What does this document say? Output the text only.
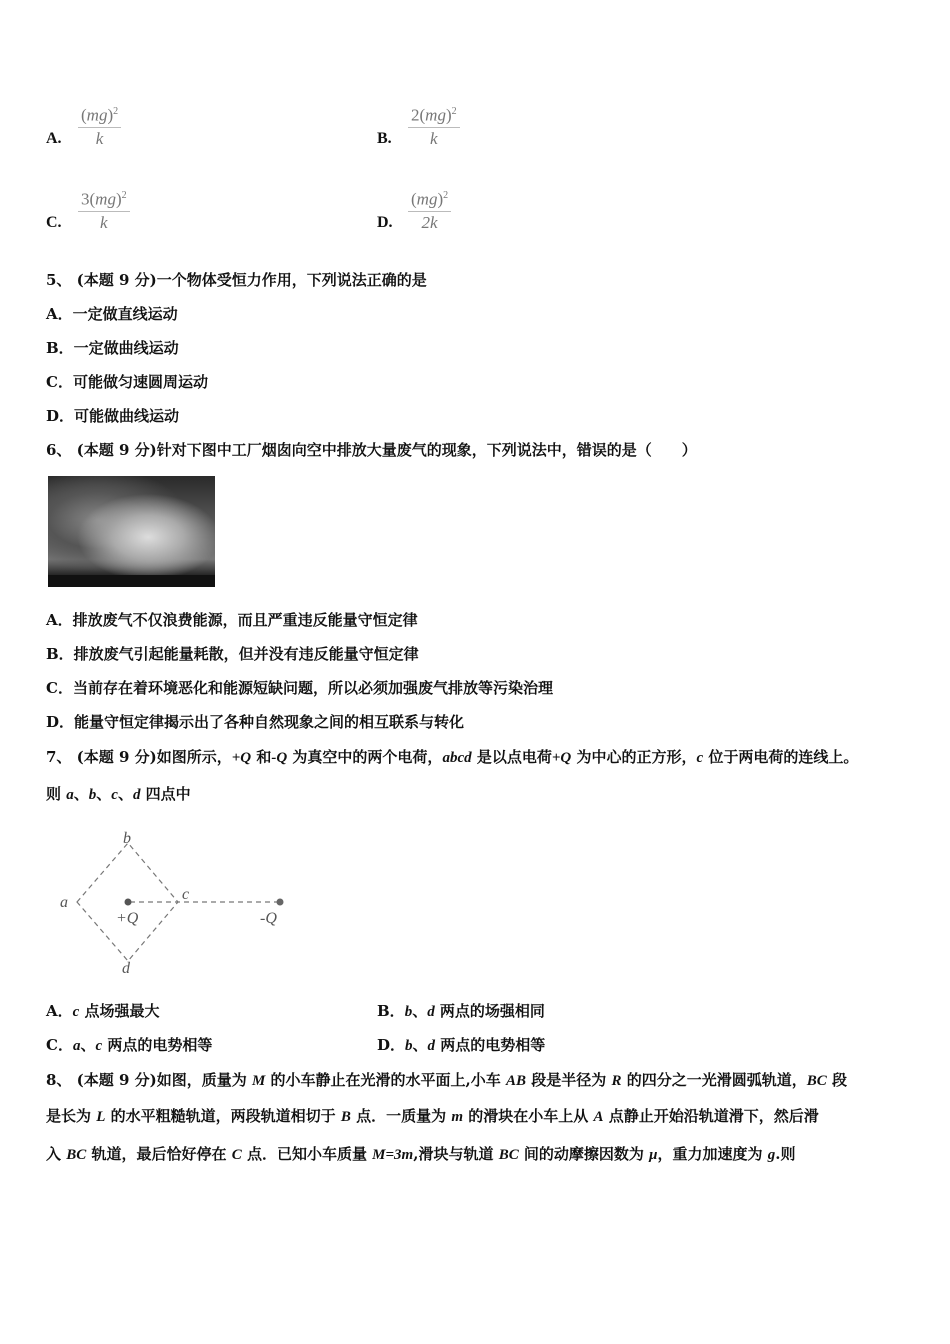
A. $\frac{(mg)^2}{k}$	B. $\frac{2(mg)^2}{k}$
C. $\frac{3(mg)^2}{k}$	D. $\frac{(mg)^2}{2k}$
5、 (本题 9 分)一个物体受恒力作用，下列说法正确的是
A．一定做直线运动
B．一定做曲线运动
C．可能做匀速圆周运动
D．可能做曲线运动
6、 (本题 9 分)针对下图中工厂烟囱向空中排放大量废气的现象，下列说法中，错误的是（　　）
A．排放废气不仅浪费能源，而且严重违反能量守恒定律
B．排放废气引起能量耗散，但并没有违反能量守恒定律
C．当前存在着环境恶化和能源短缺问题，所以必须加强废气排放等污染治理
D．能量守恒定律揭示出了各种自然现象之间的相互联系与转化
7、 (本题 9 分)如图所示，+Q 和-Q 为真空中的两个电荷，abcd 是以点电荷+Q 为中心的正方形，c 位于两电荷的连线上。
则 a、b、c、d 四点中
A．c 点场强最大	B．b、d 两点的场强相同
C．a、c 两点的电势相等	D．b、d 两点的电势相等
8、 (本题 9 分)如图，质量为 M 的小车静止在光滑的水平面上,小车 AB 段是半径为 R 的四分之一光滑圆弧轨道，BC 段
是长为 L 的水平粗糙轨道，两段轨道相切于 B 点．一质量为 m 的滑块在小车上从 A 点静止开始沿轨道滑下，然后滑
入 BC 轨道，最后恰好停在 C 点．已知小车质量 M=3m,滑块与轨道 BC 间的动摩擦因数为 μ，重力加速度为 g.则
a
b
c
d
+Q	-Q
